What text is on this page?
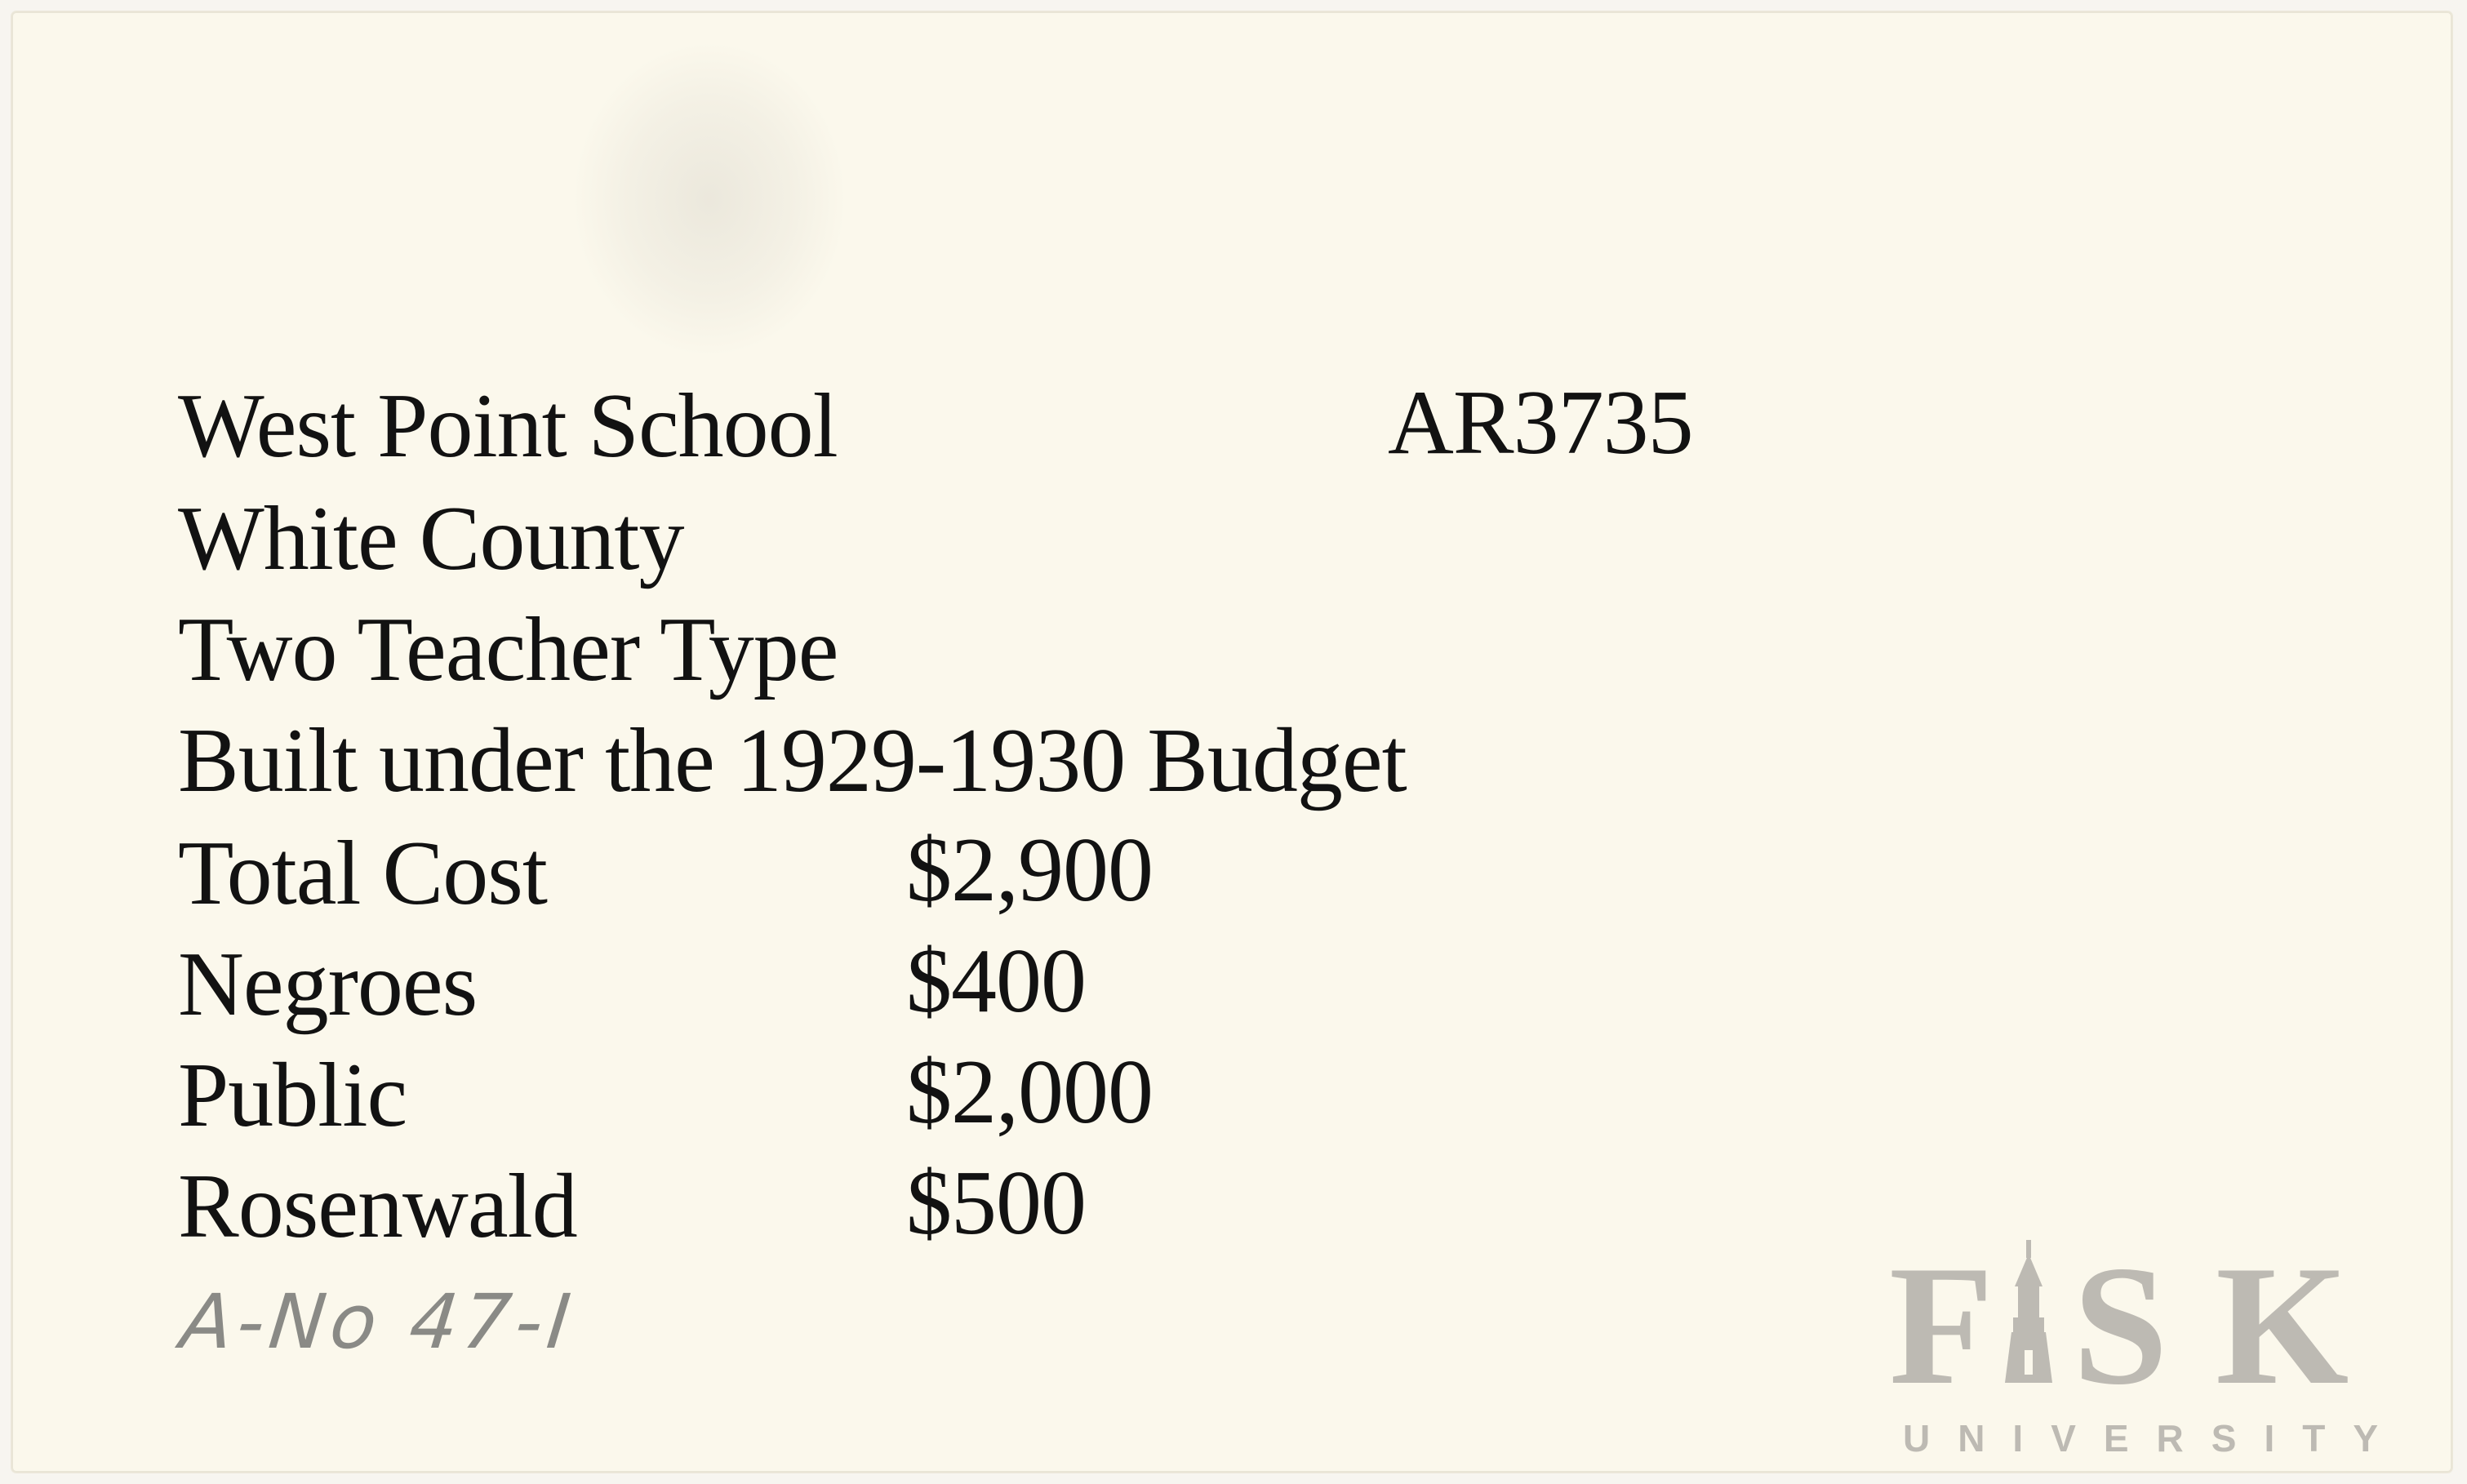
West Point School	AR3735
White County
Two Teacher Type
Built under the 1929-1930 Budget
Total Cost	$2,900
Negroes	$400
Public	$2,000
Rosenwald	$500
A-No 47-I	F S K
UNIVERSITY
